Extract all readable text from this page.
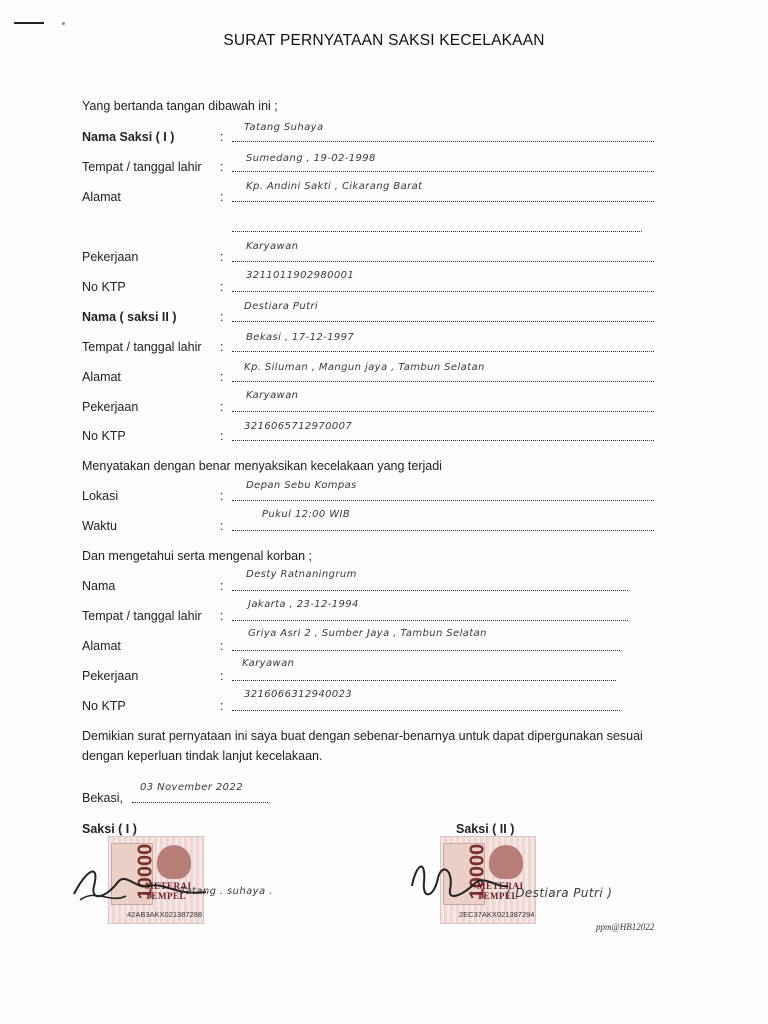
SURAT PERNYATAAN SAKSI KECELAKAAN
Yang bertanda tangan dibawah ini ;
Nama Saksi ( I )	:
Tatang Suhaya
Tempat / tanggal lahir :
Sumedang , 19-02-1998
Alamat	:
Kp. Andini Sakti , Cikarang Barat
Pekerjaan	:
Karyawan
No KTP	:
3211011902980001
Nama ( saksi II )	:
Destiara Putri
Tempat / tanggal lahir :
Bekasi , 17-12-1997
Alamat	:
Kp. Siluman , Mangun jaya , Tambun Selatan
Pekerjaan	:
Karyawan
No KTP	:
3216065712970007
Menyatakan dengan benar menyaksikan kecelakaan yang terjadi
Lokasi	:
Depan Sebu Kompas
Waktu	:
Pukul 12:00 WIB
Dan mengetahui serta mengenal korban ;
Nama	:
Desty Ratnaningrum
Tempat / tanggal lahir :
Jakarta , 23-12-1994
Alamat	:
Griya Asri 2 , Sumber Jaya , Tambun Selatan
Pekerjaan	:
Karyawan
No KTP	:
3216066312940023
Demikian surat pernyataan ini saya buat dengan sebenar-benarnya untuk dapat dipergunakan sesuai dengan keperluan tindak lanjut kecelakaan.
Bekasi,
03 November 2022
Saksi ( I )
10000
METERAI TEMPEL
42AB3AKX021387288
Tatang . suhaya .
Saksi ( II )
10000
METERAI TEMPEL
2EC37AKX021387294
( Destiara Putri )
ppm@HB12022
